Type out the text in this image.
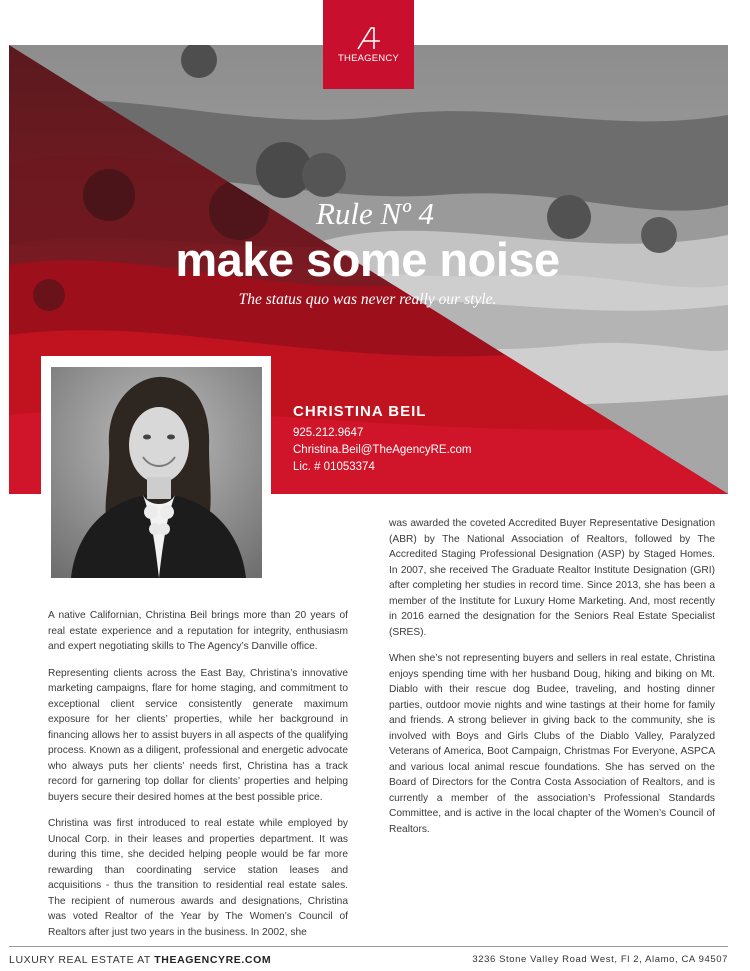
THEAGENCY
Rule Nº 4
make some noise
The status quo was never really our style.
CHRISTINA BEIL
925.212.9647
Christina.Beil@TheAgencyRE.com
Lic. # 01053374

A native Californian, Christina Beil brings more than 20 years of real estate experience and a reputation for integrity, enthusiasm and expert negotiating skills to The Agency’s Danville office.

Representing clients across the East Bay, Christina’s innovative marketing campaigns, flare for home staging, and commitment to exceptional client service consistently generate maximum exposure for her clients’ properties, while her background in financing allows her to assist buyers in all aspects of the qualifying process. Known as a diligent, professional and energetic advocate who always puts her clients’ needs first, Christina has a track record for garnering top dollar for clients’ properties and helping buyers secure their desired homes at the best possible price.

Christina was first introduced to real estate while employed by Unocal Corp. in their leases and properties department. It was during this time, she decided helping people would be far more rewarding than coordinating service station leases and acquisitions - thus the transition to residential real estate sales. The recipient of numerous awards and designations, Christina was voted Realtor of the Year by The Women’s Council of Realtors after just two years in the business. In 2002, she

was awarded the coveted Accredited Buyer Representative Designation (ABR) by The National Association of Realtors, followed by The Accredited Staging Professional Designation (ASP) by Staged Homes. In 2007, she received The Graduate Realtor Institute Designation (GRI) after completing her studies in record time. Since 2013, she has been a member of the Institute for Luxury Home Marketing. And, most recently in 2016 earned the designation for the Seniors Real Estate Specialist (SRES).

When she’s not representing buyers and sellers in real estate, Christina enjoys spending time with her husband Doug, hiking and biking on Mt. Diablo with their rescue dog Budee, traveling, and hosting dinner parties, outdoor movie nights and wine tastings at their home for family and friends. A strong believer in giving back to the community, she is involved with Boys and Girls Clubs of the Diablo Valley, Paralyzed Veterans of America, Boot Campaign, Christmas For Everyone, ASPCA and various local animal rescue foundations. She has served on the Board of Directors for the Contra Costa Association of Realtors, and is currently a member of the association’s Professional Standards Committee, and is active in the local chapter of the Women’s Council of Realtors.

LUXURY REAL ESTATE AT THEAGENCYRE.COM	3236 Stone Valley Road West, Fl 2, Alamo, CA 94507
